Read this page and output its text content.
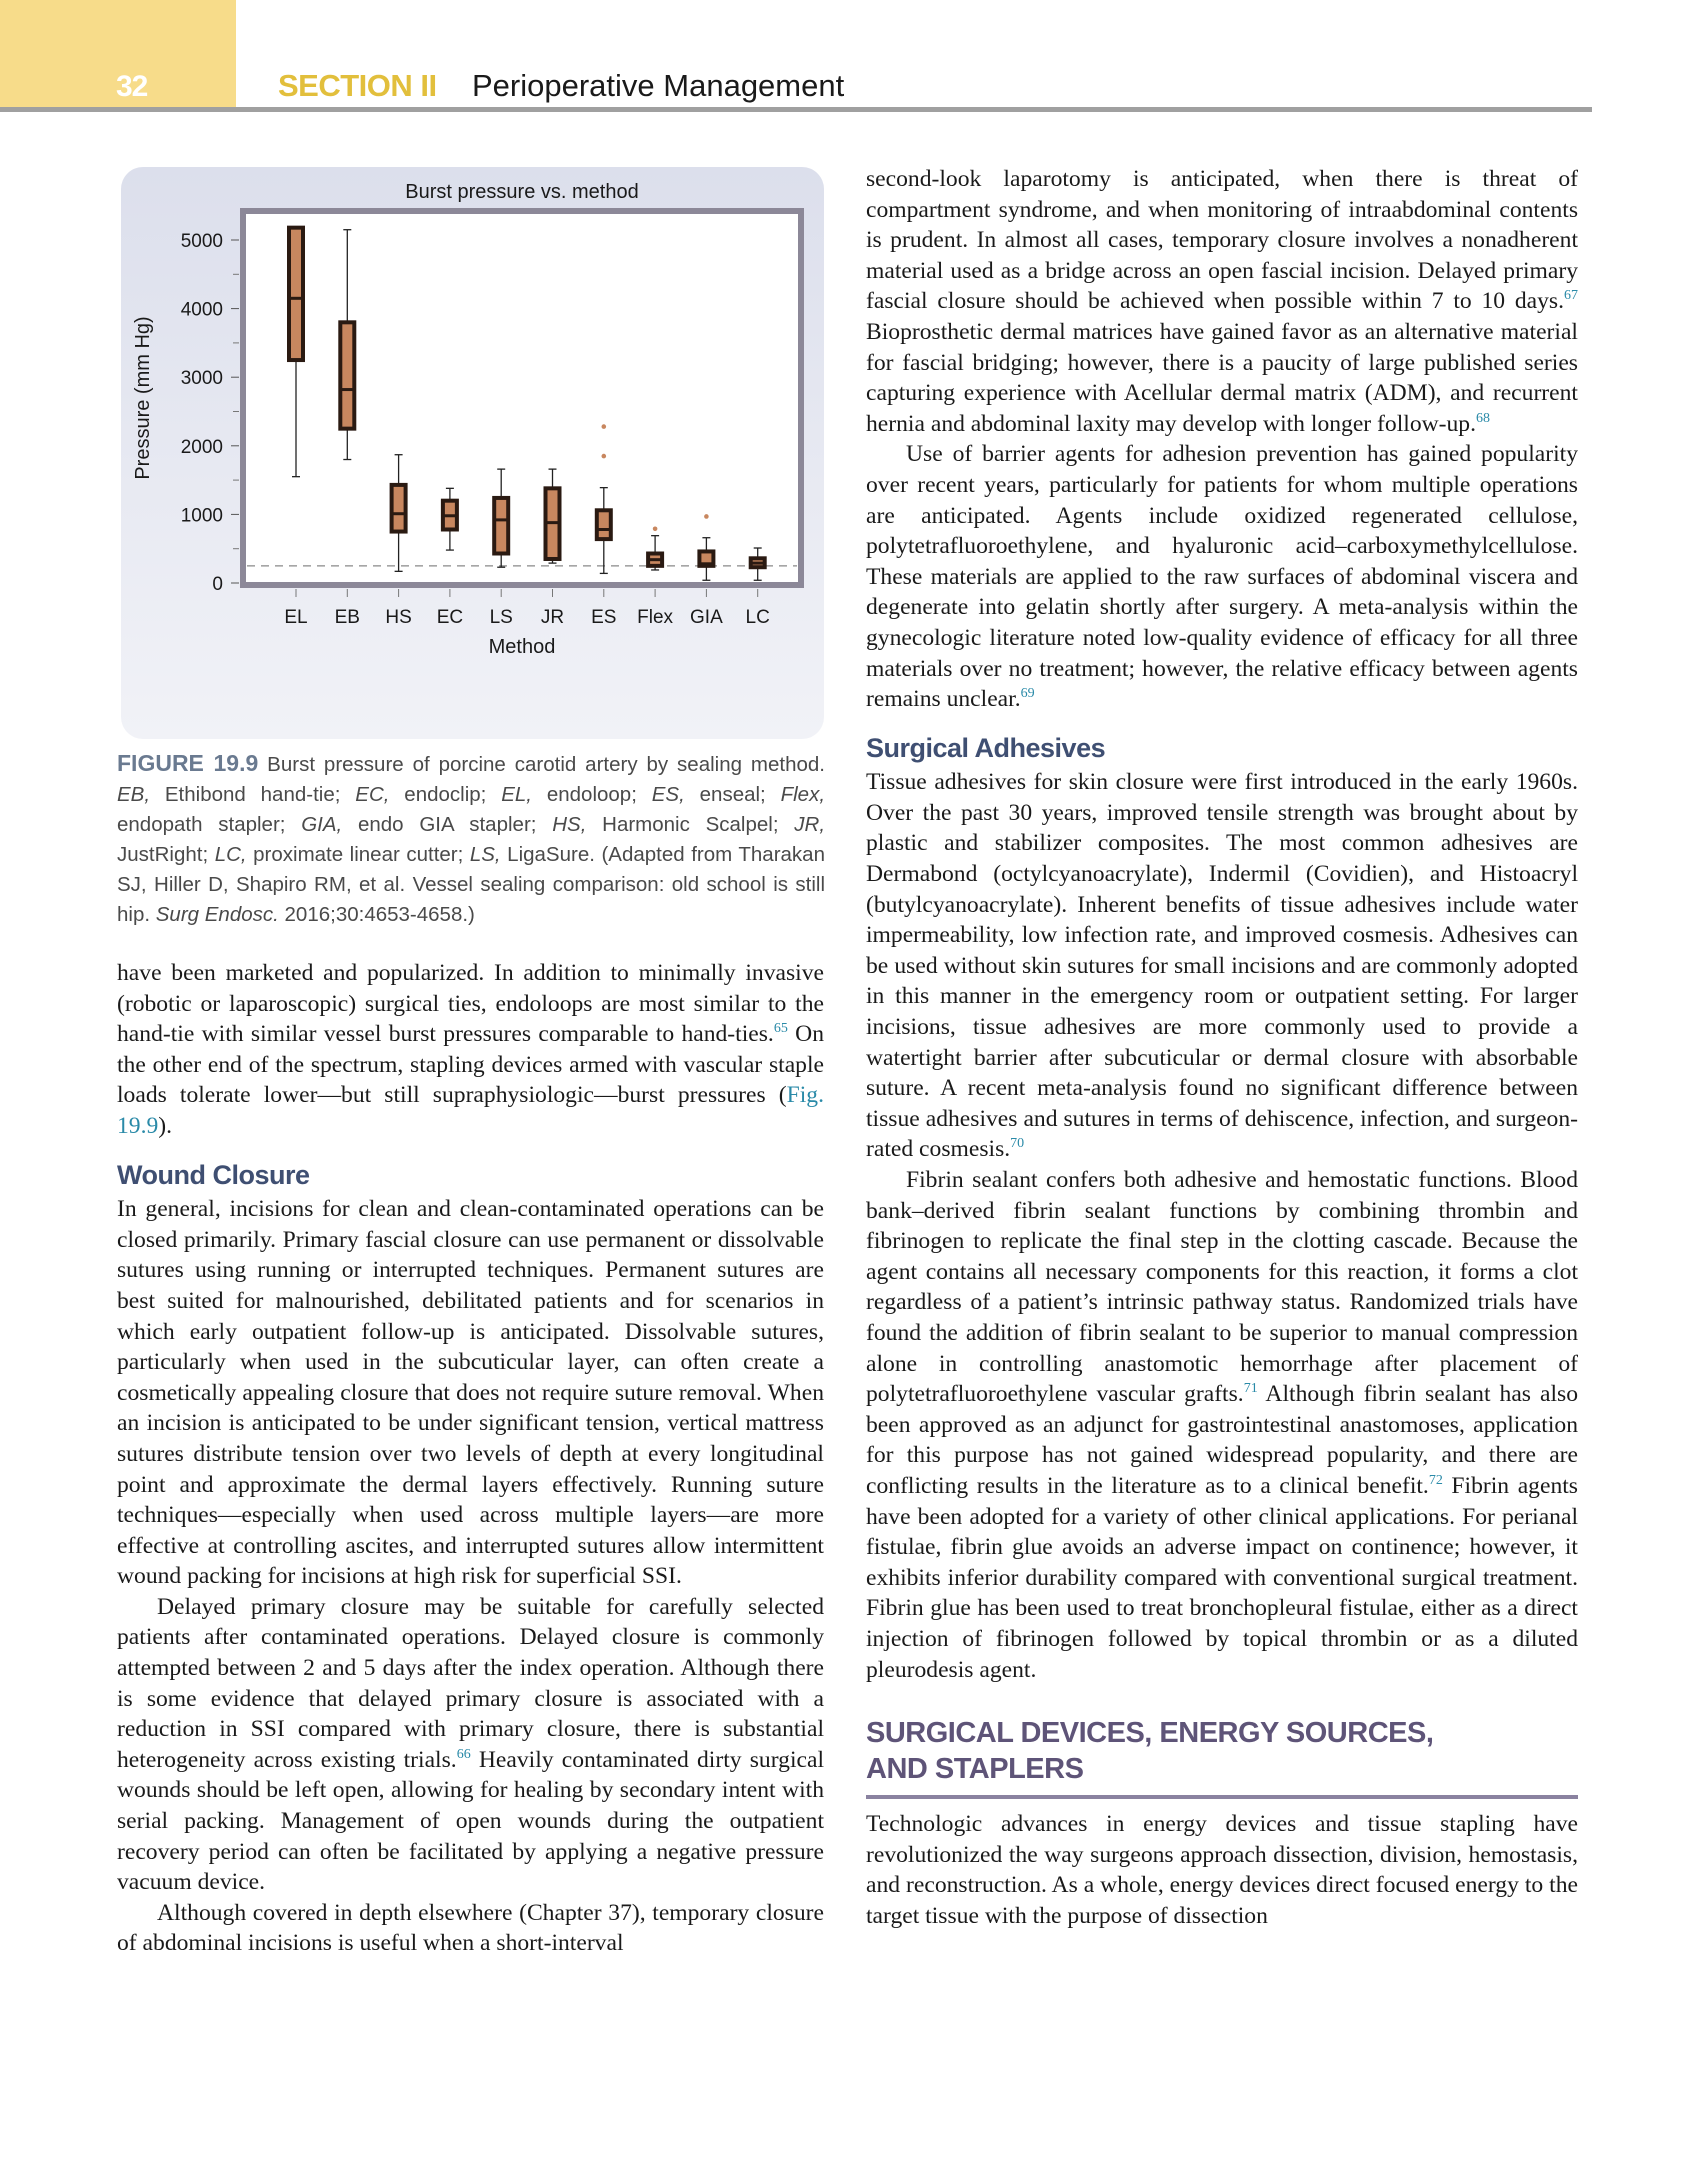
32	SECTION II Perioperative Management
Burst pressure vs. method
0
1000
2000
3000
4000
5000
Pressure (mm Hg)
EL EB HS EC LS JR ES Flex GIA LC
Method
FIGURE 19.9 Burst pressure of porcine carotid artery by sealing method. EB, Ethibond hand-tie; EC, endoclip; EL, endoloop; ES, enseal; Flex, endopath stapler; GIA, endo GIA stapler; HS, Harmonic Scalpel; JR, JustRight; LC, proximate linear cutter; LS, LigaSure. (Adapted from Tharakan SJ, Hiller D, Shapiro RM, et al. Vessel sealing comparison: old school is still hip. Surg Endosc. 2016;30:4653-4658.)

have been marketed and popularized. In addition to minimally invasive (robotic or laparoscopic) surgical ties, endoloops are most similar to the hand-tie with similar vessel burst pressures comparable to hand-ties.$^{65}$ On the other end of the spectrum, stapling devices armed with vascular staple loads tolerate lower—but still supraphysiologic—burst pressures (Fig. 19.9).

Wound Closure

In general, incisions for clean and clean-contaminated operations can be closed primarily. Primary fascial closure can use permanent or dissolvable sutures using running or interrupted techniques. Permanent sutures are best suited for malnourished, debilitated patients and for scenarios in which early outpatient follow-up is anticipated. Dissolvable sutures, particularly when used in the subcuticular layer, can often create a cosmetically appealing closure that does not require suture removal. When an incision is anticipated to be under significant tension, vertical mattress sutures distribute tension over two levels of depth at every longitudinal point and approximate the dermal layers effectively. Running suture techniques—especially when used across multiple layers—are more effective at controlling ascites, and interrupted sutures allow intermittent wound packing for incisions at high risk for superficial SSI.

Delayed primary closure may be suitable for carefully selected patients after contaminated operations. Delayed closure is commonly attempted between 2 and 5 days after the index operation. Although there is some evidence that delayed primary closure is associated with a reduction in SSI compared with primary closure, there is substantial heterogeneity across existing trials.$^{66}$ Heavily contaminated dirty surgical wounds should be left open, allowing for healing by secondary intent with serial packing. Management of open wounds during the outpatient recovery period can often be facilitated by applying a negative pressure vacuum device.

Although covered in depth elsewhere (Chapter 37), temporary closure of abdominal incisions is useful when a short-interval

second-look laparotomy is anticipated, when there is threat of compartment syndrome, and when monitoring of intraabdominal contents is prudent. In almost all cases, temporary closure involves a nonadherent material used as a bridge across an open fascial incision. Delayed primary fascial closure should be achieved when possible within 7 to 10 days.$^{67}$ Bioprosthetic dermal matrices have gained favor as an alternative material for fascial bridging; however, there is a paucity of large published series capturing experience with Acellular dermal matrix (ADM), and recurrent hernia and abdominal laxity may develop with longer follow-up.$^{68}$

Use of barrier agents for adhesion prevention has gained popularity over recent years, particularly for patients for whom multiple operations are anticipated. Agents include oxidized regenerated cellulose, polytetrafluoroethylene, and hyaluronic acid–carboxymethylcellulose. These materials are applied to the raw surfaces of abdominal viscera and degenerate into gelatin shortly after surgery. A meta-analysis within the gynecologic literature noted low-quality evidence of efficacy for all three materials over no treatment; however, the relative efficacy between agents remains unclear.$^{69}$

Surgical Adhesives

Tissue adhesives for skin closure were first introduced in the early 1960s. Over the past 30 years, improved tensile strength was brought about by plastic and stabilizer composites. The most common adhesives are Dermabond (octylcyanoacrylate), Indermil (Covidien), and Histoacryl (butylcyanoacrylate). Inherent benefits of tissue adhesives include water impermeability, low infection rate, and improved cosmesis. Adhesives can be used without skin sutures for small incisions and are commonly adopted in this manner in the emergency room or outpatient setting. For larger incisions, tissue adhesives are more commonly used to provide a watertight barrier after subcuticular or dermal closure with absorbable suture. A recent meta-analysis found no significant difference between tissue adhesives and sutures in terms of dehiscence, infection, and surgeon-rated cosmesis.$^{70}$

Fibrin sealant confers both adhesive and hemostatic functions. Blood bank–derived fibrin sealant functions by combining thrombin and fibrinogen to replicate the final step in the clotting cascade. Because the agent contains all necessary components for this reaction, it forms a clot regardless of a patient’s intrinsic pathway status. Randomized trials have found the addition of fibrin sealant to be superior to manual compression alone in controlling anastomotic hemorrhage after placement of polytetrafluoroethylene vascular grafts.$^{71}$ Although fibrin sealant has also been approved as an adjunct for gastrointestinal anastomoses, application for this purpose has not gained widespread popularity, and there are conflicting results in the literature as to a clinical benefit.$^{72}$ Fibrin agents have been adopted for a variety of other clinical applications. For perianal fistulae, fibrin glue avoids an adverse impact on continence; however, it exhibits inferior durability compared with conventional surgical treatment. Fibrin glue has been used to treat bronchopleural fistulae, either as a direct injection of fibrinogen followed by topical thrombin or as a diluted pleurodesis agent.

SURGICAL DEVICES, ENERGY SOURCES,
AND STAPLERS

Technologic advances in energy devices and tissue stapling have revolutionized the way surgeons approach dissection, division, hemostasis, and reconstruction. As a whole, energy devices direct focused energy to the target tissue with the purpose of dissection
